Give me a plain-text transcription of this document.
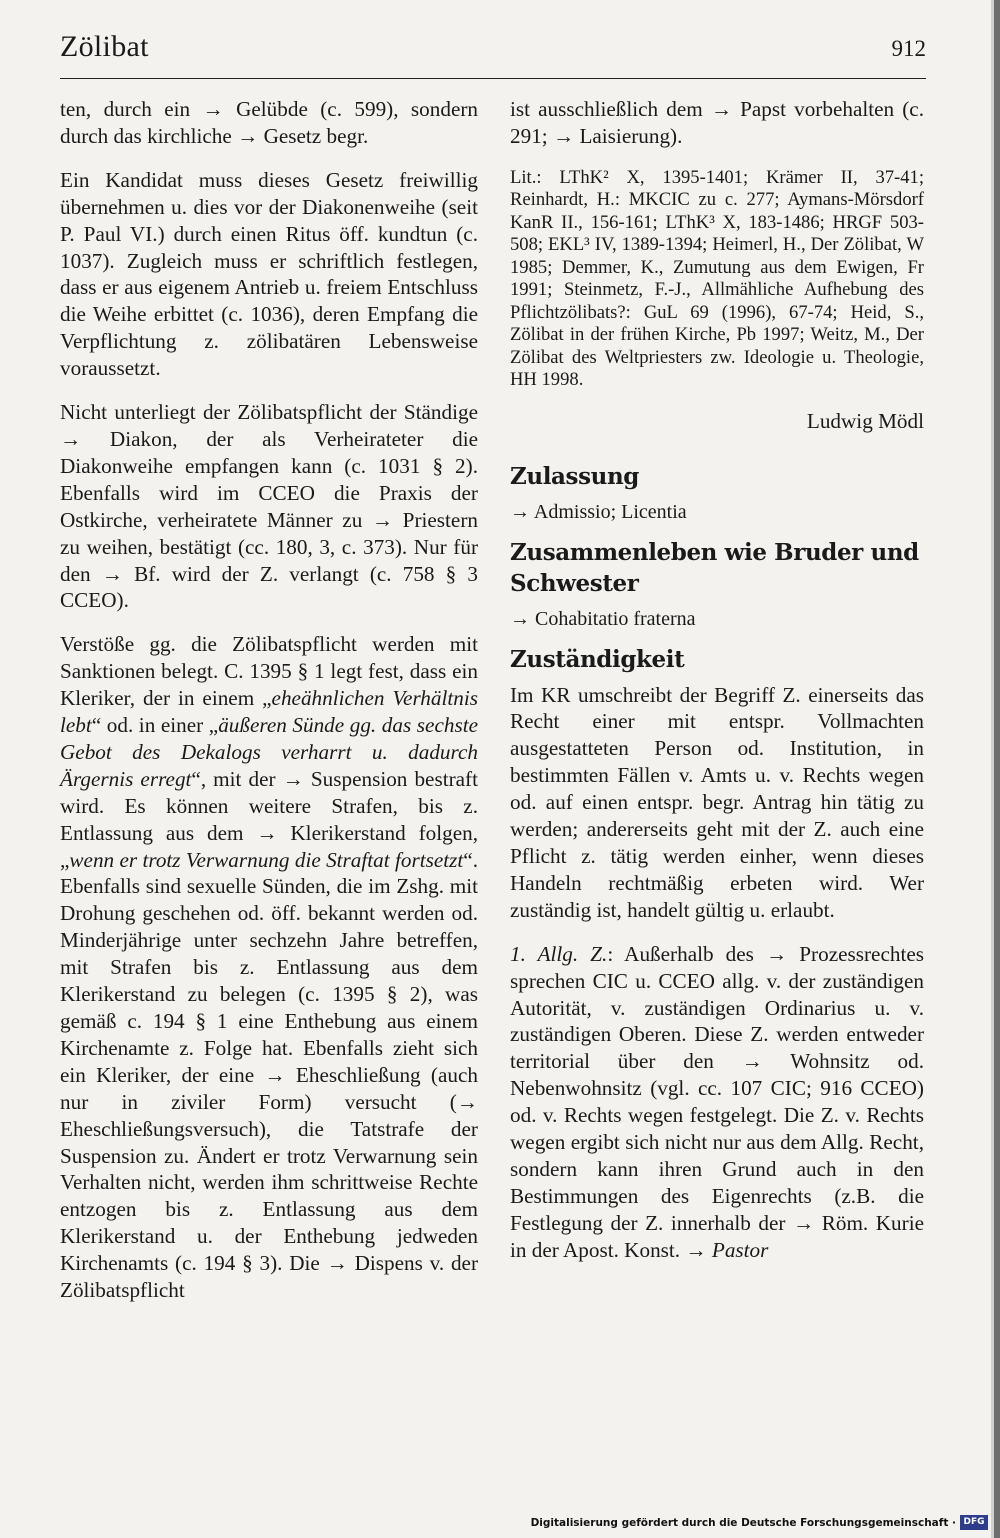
Zölibat	912

ten, durch ein → Gelübde (c. 599), sondern durch das kirchliche → Gesetz begr.

Ein Kandidat muss dieses Gesetz freiwillig übernehmen u. dies vor der Diakonenweihe (seit P. Paul VI.) durch einen Ritus öff. kundtun (c. 1037). Zugleich muss er schriftlich festlegen, dass er aus eigenem Antrieb u. freiem Entschluss die Weihe erbittet (c. 1036), deren Empfang die Verpflichtung z. zölibatären Lebensweise voraussetzt.

Nicht unterliegt der Zölibatspflicht der Ständige → Diakon, der als Verheirateter die Diakonweihe empfangen kann (c. 1031 § 2). Ebenfalls wird im CCEO die Praxis der Ostkirche, verheiratete Männer zu → Priestern zu weihen, bestätigt (cc. 180, 3, c. 373). Nur für den → Bf. wird der Z. verlangt (c. 758 § 3 CCEO).

Verstöße gg. die Zölibatspflicht werden mit Sanktionen belegt. C. 1395 § 1 legt fest, dass ein Kleriker, der in einem „eheähnlichen Verhältnis lebt“ od. in einer „äußeren Sünde gg. das sechste Gebot des Dekalogs verharrt u. dadurch Ärgernis erregt“, mit der → Suspension bestraft wird. Es können weitere Strafen, bis z. Entlassung aus dem → Klerikerstand folgen, „wenn er trotz Verwarnung die Straftat fortsetzt“. Ebenfalls sind sexuelle Sünden, die im Zshg. mit Drohung geschehen od. öff. bekannt werden od. Minderjährige unter sechzehn Jahre betreffen, mit Strafen bis z. Entlassung aus dem Klerikerstand zu belegen (c. 1395 § 2), was gemäß c. 194 § 1 eine Enthebung aus einem Kirchenamte z. Folge hat. Ebenfalls zieht sich ein Kleriker, der eine → Eheschließung (auch nur in ziviler Form) versucht (→ Eheschließungsversuch), die Tatstrafe der Suspension zu. Ändert er trotz Verwarnung sein Verhalten nicht, werden ihm schrittweise Rechte entzogen bis z. Entlassung aus dem Klerikerstand u. der Enthebung jedweden Kirchenamts (c. 194 § 3). Die → Dispens v. der Zölibatspflicht

ist ausschließlich dem → Papst vorbehalten (c. 291; → Laisierung).

Lit.: LThK² X, 1395-1401; Krämer II, 37-41; Reinhardt, H.: MKCIC zu c. 277; Aymans-Mörsdorf KanR II., 156-161; LThK³ X, 183-1486; HRGF 503-508; EKL³ IV, 1389-1394; Heimerl, H., Der Zölibat, W 1985; Demmer, K., Zumutung aus dem Ewigen, Fr 1991; Steinmetz, F.-J., Allmähliche Aufhebung des Pflichtzölibats?: GuL 69 (1996), 67-74; Heid, S., Zölibat in der frühen Kirche, Pb 1997; Weitz, M., Der Zölibat des Weltpriesters zw. Ideologie u. Theologie, HH 1998.

Ludwig Mödl

Zulassung

→ Admissio; Licentia

Zusammenleben wie Bruder und Schwester

→ Cohabitatio fraterna

Zuständigkeit

Im KR umschreibt der Begriff Z. einerseits das Recht einer mit entspr. Vollmachten ausgestatteten Person od. Institution, in bestimmten Fällen v. Amts u. v. Rechts wegen od. auf einen entspr. begr. Antrag hin tätig zu werden; andererseits geht mit der Z. auch eine Pflicht z. tätig werden einher, wenn dieses Handeln rechtmäßig erbeten wird. Wer zuständig ist, handelt gültig u. erlaubt.

1. Allg. Z.: Außerhalb des → Prozessrechtes sprechen CIC u. CCEO allg. v. der zuständigen Autorität, v. zuständigen Ordinarius u. v. zuständigen Oberen. Diese Z. werden entweder territorial über den → Wohnsitz od. Nebenwohnsitz (vgl. cc. 107 CIC; 916 CCEO) od. v. Rechts wegen festgelegt. Die Z. v. Rechts wegen ergibt sich nicht nur aus dem Allg. Recht, sondern kann ihren Grund auch in den Bestimmungen des Eigenrechts (z.B. die Festlegung der Z. innerhalb der → Röm. Kurie in der Apost. Konst. → Pastor

Digitalisierung gefördert durch die Deutsche Forschungsgemeinschaft · DFG
